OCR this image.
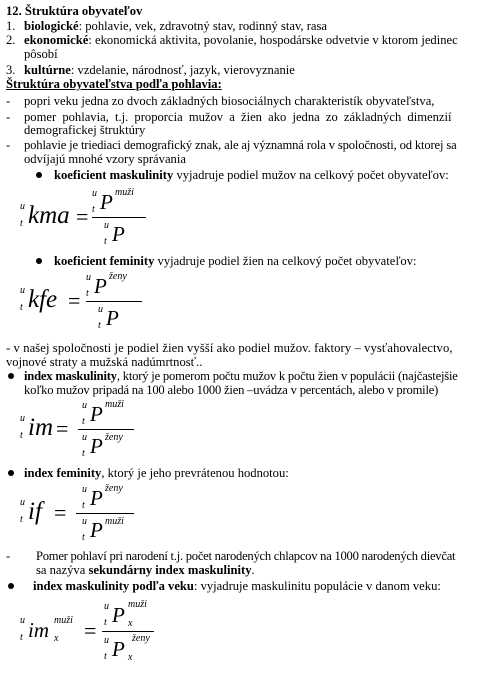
12. Štruktúra obyvateľov
1. biologické: pohlavie, vek, zdravotný stav, rodinný stav, rasa
2. ekonomické: ekonomická aktivita, povolanie, hospodárske odvetvie v ktorom jedinec
pôsobí
3. kultúrne: vzdelanie, národnosť, jazyk, vierovyznanie
Štruktúra obyvateľstva podľa pohlavia:
- popri veku jedna zo dvoch základných biosociálnych charakteristík obyvateľstva,
- pomer pohlavia, t.j. proporcia mužov a žien ako jedna zo základných dimenzií
demografickej štruktúry
- pohlavie je triediaci demografický znak, ale aj významná rola v spoločnosti, od ktorej sa
odvíjajú mnohé vzory správania
koeficient maskulinity vyjadruje podiel mužov na celkový počet obyvateľov:
u
t kma =
u
t P muži
u
t P
koeficient feminity vyjadruje podiel žien na celkový počet obyvateľov:
u
t kfe =
u
t P ženy
u
t P
- v našej spoločnosti je podiel žien vyšší ako podiel mužov. faktory – vysťahovalectvo,
vojnové straty a mužská nadúmrtnosť..
index maskulinity, ktorý je pomerom počtu mužov k počtu žien v populácii (najčastejšie
koľko mužov pripadá na 100 alebo 1000 žien –uvádza v percentách, alebo v promile)
u
t im =
u
t P muži
u
t P ženy
index feminity, ktorý je jeho prevrátenou hodnotou:
u
t if =
u
t P ženy
u
t P muži
- Pomer pohlaví pri narodení t.j. počet narodených chlapcov na 1000 narodených dievčat
sa nazýva sekundárny index maskulinity.
index maskulinity podľa veku: vyjadruje maskulinitu populácie v danom veku:
u
t im muži
x =
u
t P muži
x
u
t P ženy
x
